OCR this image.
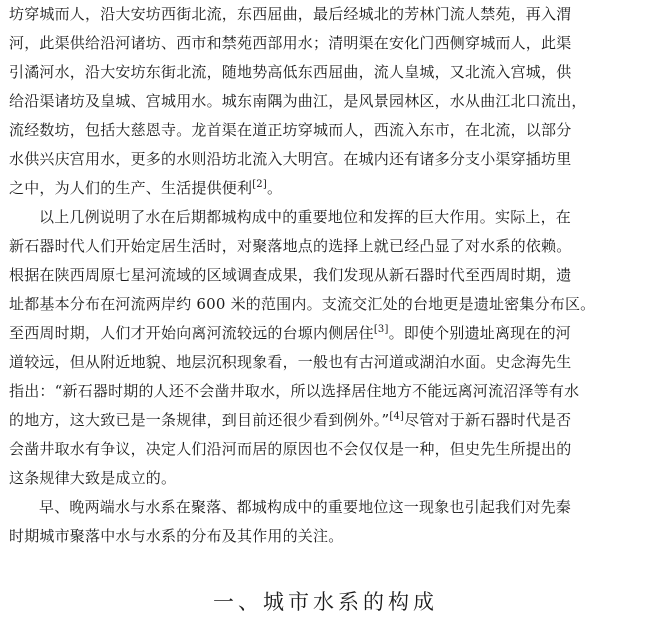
坊穿城而人，沿大安坊西街北流，东西屈曲，最后经城北的芳林门流人禁苑，再入渭
河，此渠供给沿河诸坊、西市和禁苑西部用水；清明渠在安化门西侧穿城而人，此渠
引潏河水，沿大安坊东街北流，随地势高低东西屈曲，流人皇城，又北流入宫城，供
给沿渠诸坊及皇城、宫城用水。城东南隅为曲江，是风景园林区，水从曲江北口流出，
流经数坊，包括大慈恩寺。龙首渠在道正坊穿城而人，西流入东市，在北流，以部分
水供兴庆宫用水，更多的水则沿坊北流入大明宫。在城内还有诸多分支小渠穿插坊里
之中，为人们的生产、生活提供便利[2]。
以上几例说明了水在后期都城构成中的重要地位和发挥的巨大作用。实际上，在
新石器时代人们开始定居生活时，对聚落地点的选择上就已经凸显了对水系的依赖。
根据在陕西周原七星河流域的区域调查成果，我们发现从新石器时代至西周时期，遗
址都基本分布在河流两岸约 600 米的范围内。支流交汇处的台地更是遗址密集分布区。
至西周时期，人们才开始向离河流较远的台塬内侧居住[3]。即使个别遗址离现在的河
道较远，但从附近地貌、地层沉积现象看，一般也有古河道或湖泊水面。史念海先生
指出：“新石器时期的人还不会凿井取水，所以选择居住地方不能远离河流沼泽等有水
的地方，这大致已是一条规律，到目前还很少看到例外。”[4]尽管对于新石器时代是否
会凿井取水有争议，决定人们沿河而居的原因也不会仅仅是一种，但史先生所提出的
这条规律大致是成立的。
早、晚两端水与水系在聚落、都城构成中的重要地位这一现象也引起我们对先秦
时期城市聚落中水与水系的分布及其作用的关注。
一、城市水系的构成
